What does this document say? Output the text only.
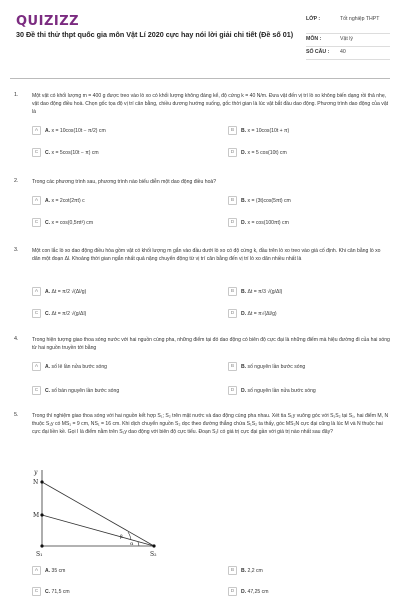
QUIZIZZ
30 Đề thi thử thpt quốc gia môn Vật Lí 2020 cực hay nói lời giải chi tiết (Đề số 01)
LỚP :	Tốt nghiệp THPT
MÔN :	Vật lý
SỐ CÂU : 40
1.	Một vật có khối lượng m = 400 g được treo vào lò xo có khối lượng không đáng kể, độ cứng k = 40 N/m. Đưa vật đến vị trí lò xo không biến dạng rồi thả nhẹ, vật dao động điều hoà. Chọn gốc tọa độ vị trí cân bằng, chiều dương hướng xuống, gốc thời gian là lúc vật bắt đầu dao động. Phương trình dao động của vật là
A	A. x = 10cos(10t − π/2) cm	B	B. x = 10cos(10t + π)
C	C. x = 5cos(10t − π) cm	D	D. x = 5 cos(10t) cm
2.	Trong các phương trình sau, phương trình nào biểu diễn một dao động điều hoà?
A	A. x = 2cot(2πt) c	B	B. x = (3t)cos(5πt) cm
C	C. x = cos(0,5πt³) cm	D	D. x = cos(100πt) cm
3.	Một con lắc lò xo dao động điều hòa gồm vật có khối lượng m gắn vào đầu dưới lò xo có độ cứng k, đầu trên lò xo treo vào giá cố định. Khi cân bằng lò xo dãn một đoạn Δl. Khoảng thời gian ngắn nhất quả nặng chuyển động từ vị trí cân bằng đến vị trí lò xo dãn nhiều nhất là
A	A. Δt = π/2 √(Δl/g)	B	B. Δt = π/3 √(g/Δl)
C	C. Δt = π/2 √(g/Δl)	D	D. Δt = π√(Δl/g)
4.	Trong hiện tượng giao thoa sóng nước với hai nguồn cùng pha, những điểm tại đó dao động có biên độ cực đại là những điểm mà hiệu đường đi của hai sóng từ hai nguồn truyền tới bằng
A	A. số lẻ lần nửa bước sóng	B	B. số nguyên lần bước sóng
C	C. số bán nguyên lần bước sóng	D	D. số nguyên lần nửa bước sóng
5.	Trong thí nghiệm giao thoa sóng với hai nguồn kết hợp S₁; S₂ trên mặt nước và dao động cùng pha nhau. Xét tia S₁y vuông góc với S₁S₂ tại S₁, hai điểm M, N thuộc S₁y có MS₁ = 9 cm, NS₁ = 16 cm. Khi dịch chuyển nguồn S₂ dọc theo đường thẳng chứa S₁S₂ ta thấy, góc MS₂N cực đại cũng là lúc M và N thuộc hai cực đại liền kề. Gọi I là điểm nằm trên S₁y dao động với biên độ cực tiểu. Đoạn S₁I có giá trị cực đại gần với giá trị nào nhất sau đây?
A	A. 35 cm	B	B. 2,2 cm
C	C. 71,5 cm	D	D. 47,25 cm
y
N
M
S₁	S₂
β
α
